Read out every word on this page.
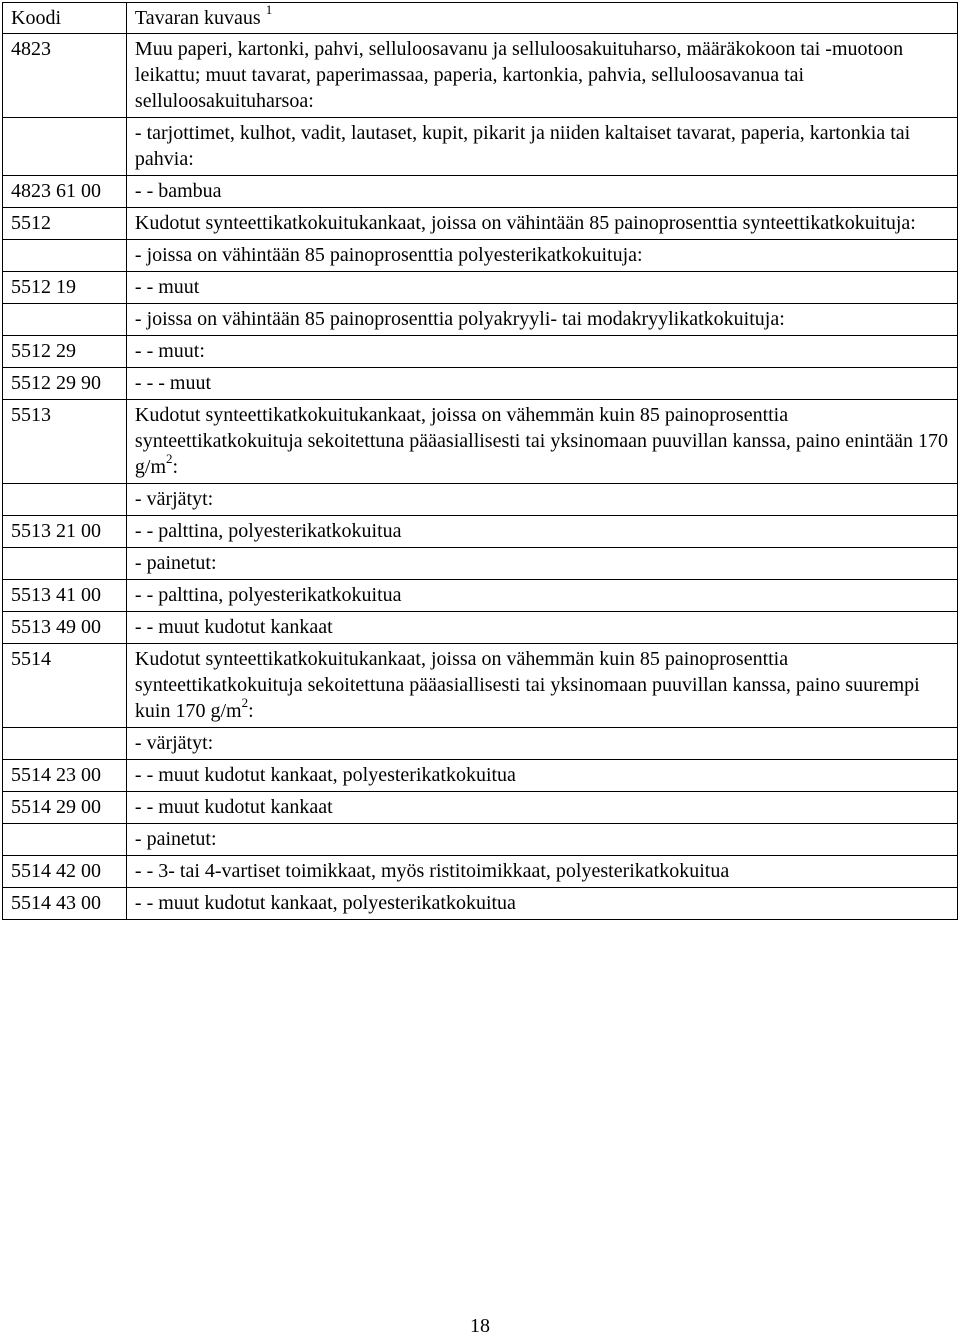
Koodi	Tavaran kuvaus $^1$
4823	Muu paperi, kartonki, pahvi, selluloosavanu ja selluloosakuituharso, määräkokoon tai -muotoon leikattu; muut tavarat, paperimassaa, paperia, kartonkia, pahvia, selluloosavanua tai selluloosakuituharsoa:
	- tarjottimet, kulhot, vadit, lautaset, kupit, pikarit ja niiden kaltaiset tavarat, paperia, kartonkia tai pahvia:
4823 61 00	- - bambua
5512	Kudotut synteettikatkokuitukankaat, joissa on vähintään 85 painoprosenttia synteettikatkokuituja:
	- joissa on vähintään 85 painoprosenttia polyesterikatkokuituja:
5512 19	- - muut
	- joissa on vähintään 85 painoprosenttia polyakryyli- tai modakryylikatkokuituja:
5512 29	- - muut:
5512 29 90	- - - muut
5513	Kudotut synteettikatkokuitukankaat, joissa on vähemmän kuin 85 painoprosenttia synteettikatkokuituja sekoitettuna pääasiallisesti tai yksinomaan puuvillan kanssa, paino enintään 170 $g/m^2$:
	- värjätyt:
5513 21 00	- - palttina, polyesterikatkokuitua
	- painetut:
5513 41 00	- - palttina, polyesterikatkokuitua
5513 49 00	- - muut kudotut kankaat
5514	Kudotut synteettikatkokuitukankaat, joissa on vähemmän kuin 85 painoprosenttia synteettikatkokuituja sekoitettuna pääasiallisesti tai yksinomaan puuvillan kanssa, paino suurempi kuin 170 $g/m^2$:
	- värjätyt:
5514 23 00	- - muut kudotut kankaat, polyesterikatkokuitua
5514 29 00	- - muut kudotut kankaat
	- painetut:
5514 42 00	- - 3- tai 4-vartiset toimikkaat, myös ristitoimikkaat, polyesterikatkokuitua
5514 43 00	- - muut kudotut kankaat, polyesterikatkokuitua
18
